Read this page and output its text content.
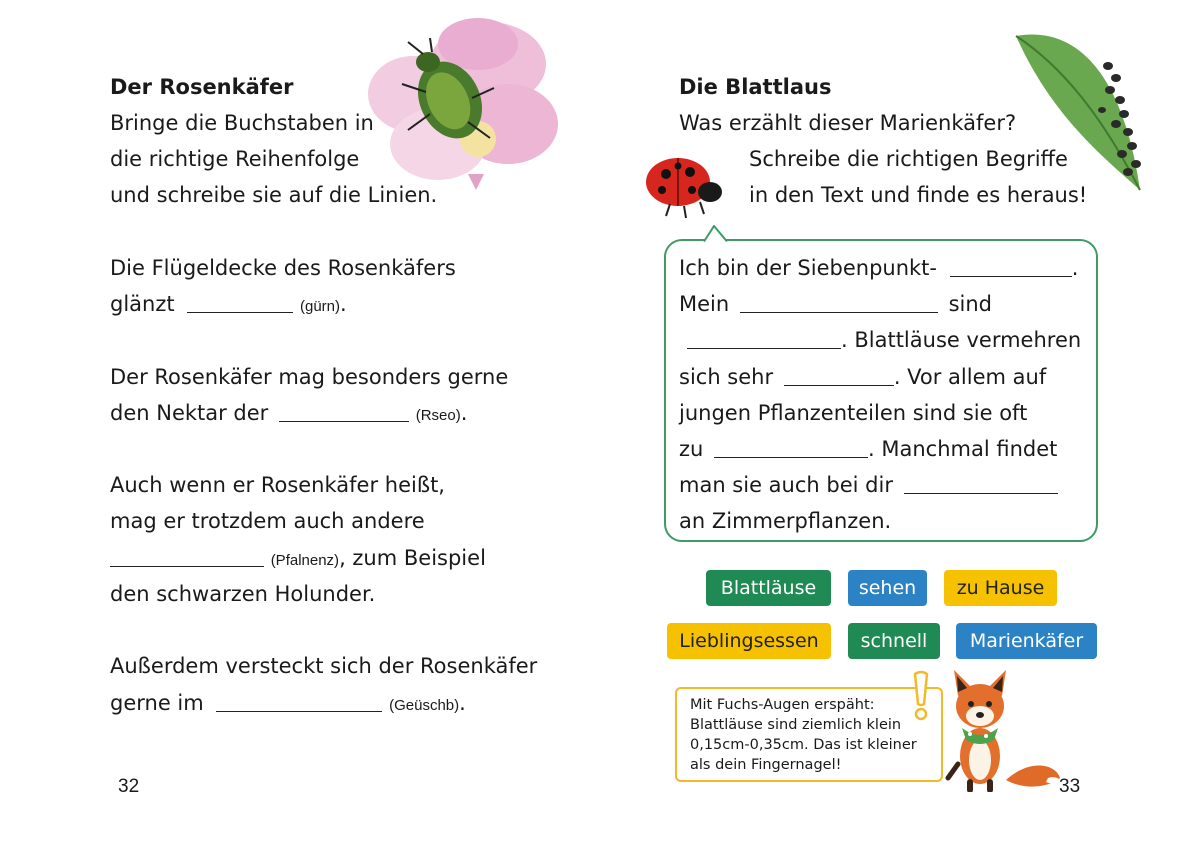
Der Rosenkäfer
Bringe die Buchstaben in
die richtige Reihenfolge
und schreibe sie auf die Linien.
Die Flügeldecke des Rosenkäfers
glänzt	(gürn).
Der Rosenkäfer mag besonders gerne
den Nektar der	(Rseo).
Auch wenn er Rosenkäfer heißt,
mag er trotzdem auch andere
(Pfalnenz), zum Beispiel
den schwarzen Holunder.
Außerdem versteckt sich der Rosenkäfer
gerne im	(Geüschb).
32
Die Blattlaus
Was erzählt dieser Marienkäfer?
Schreibe die richtigen Begriffe
in den Text und finde es heraus!
Ich bin der Siebenpunkt-	.
Mein	sind
. Blattläuse vermehren
sich sehr	. Vor allem auf
jungen Pflanzenteilen sind sie oft
zu	. Manchmal findet
man sie auch bei dir
an Zimmerpflanzen.
Blattläuse	sehen	zu Hause
Lieblingsessen	schnell	Marienkäfer
Mit Fuchs-Augen erspäht:
Blattläuse sind ziemlich klein
0,15cm-0,35cm. Das ist kleiner
als dein Fingernagel!
33
